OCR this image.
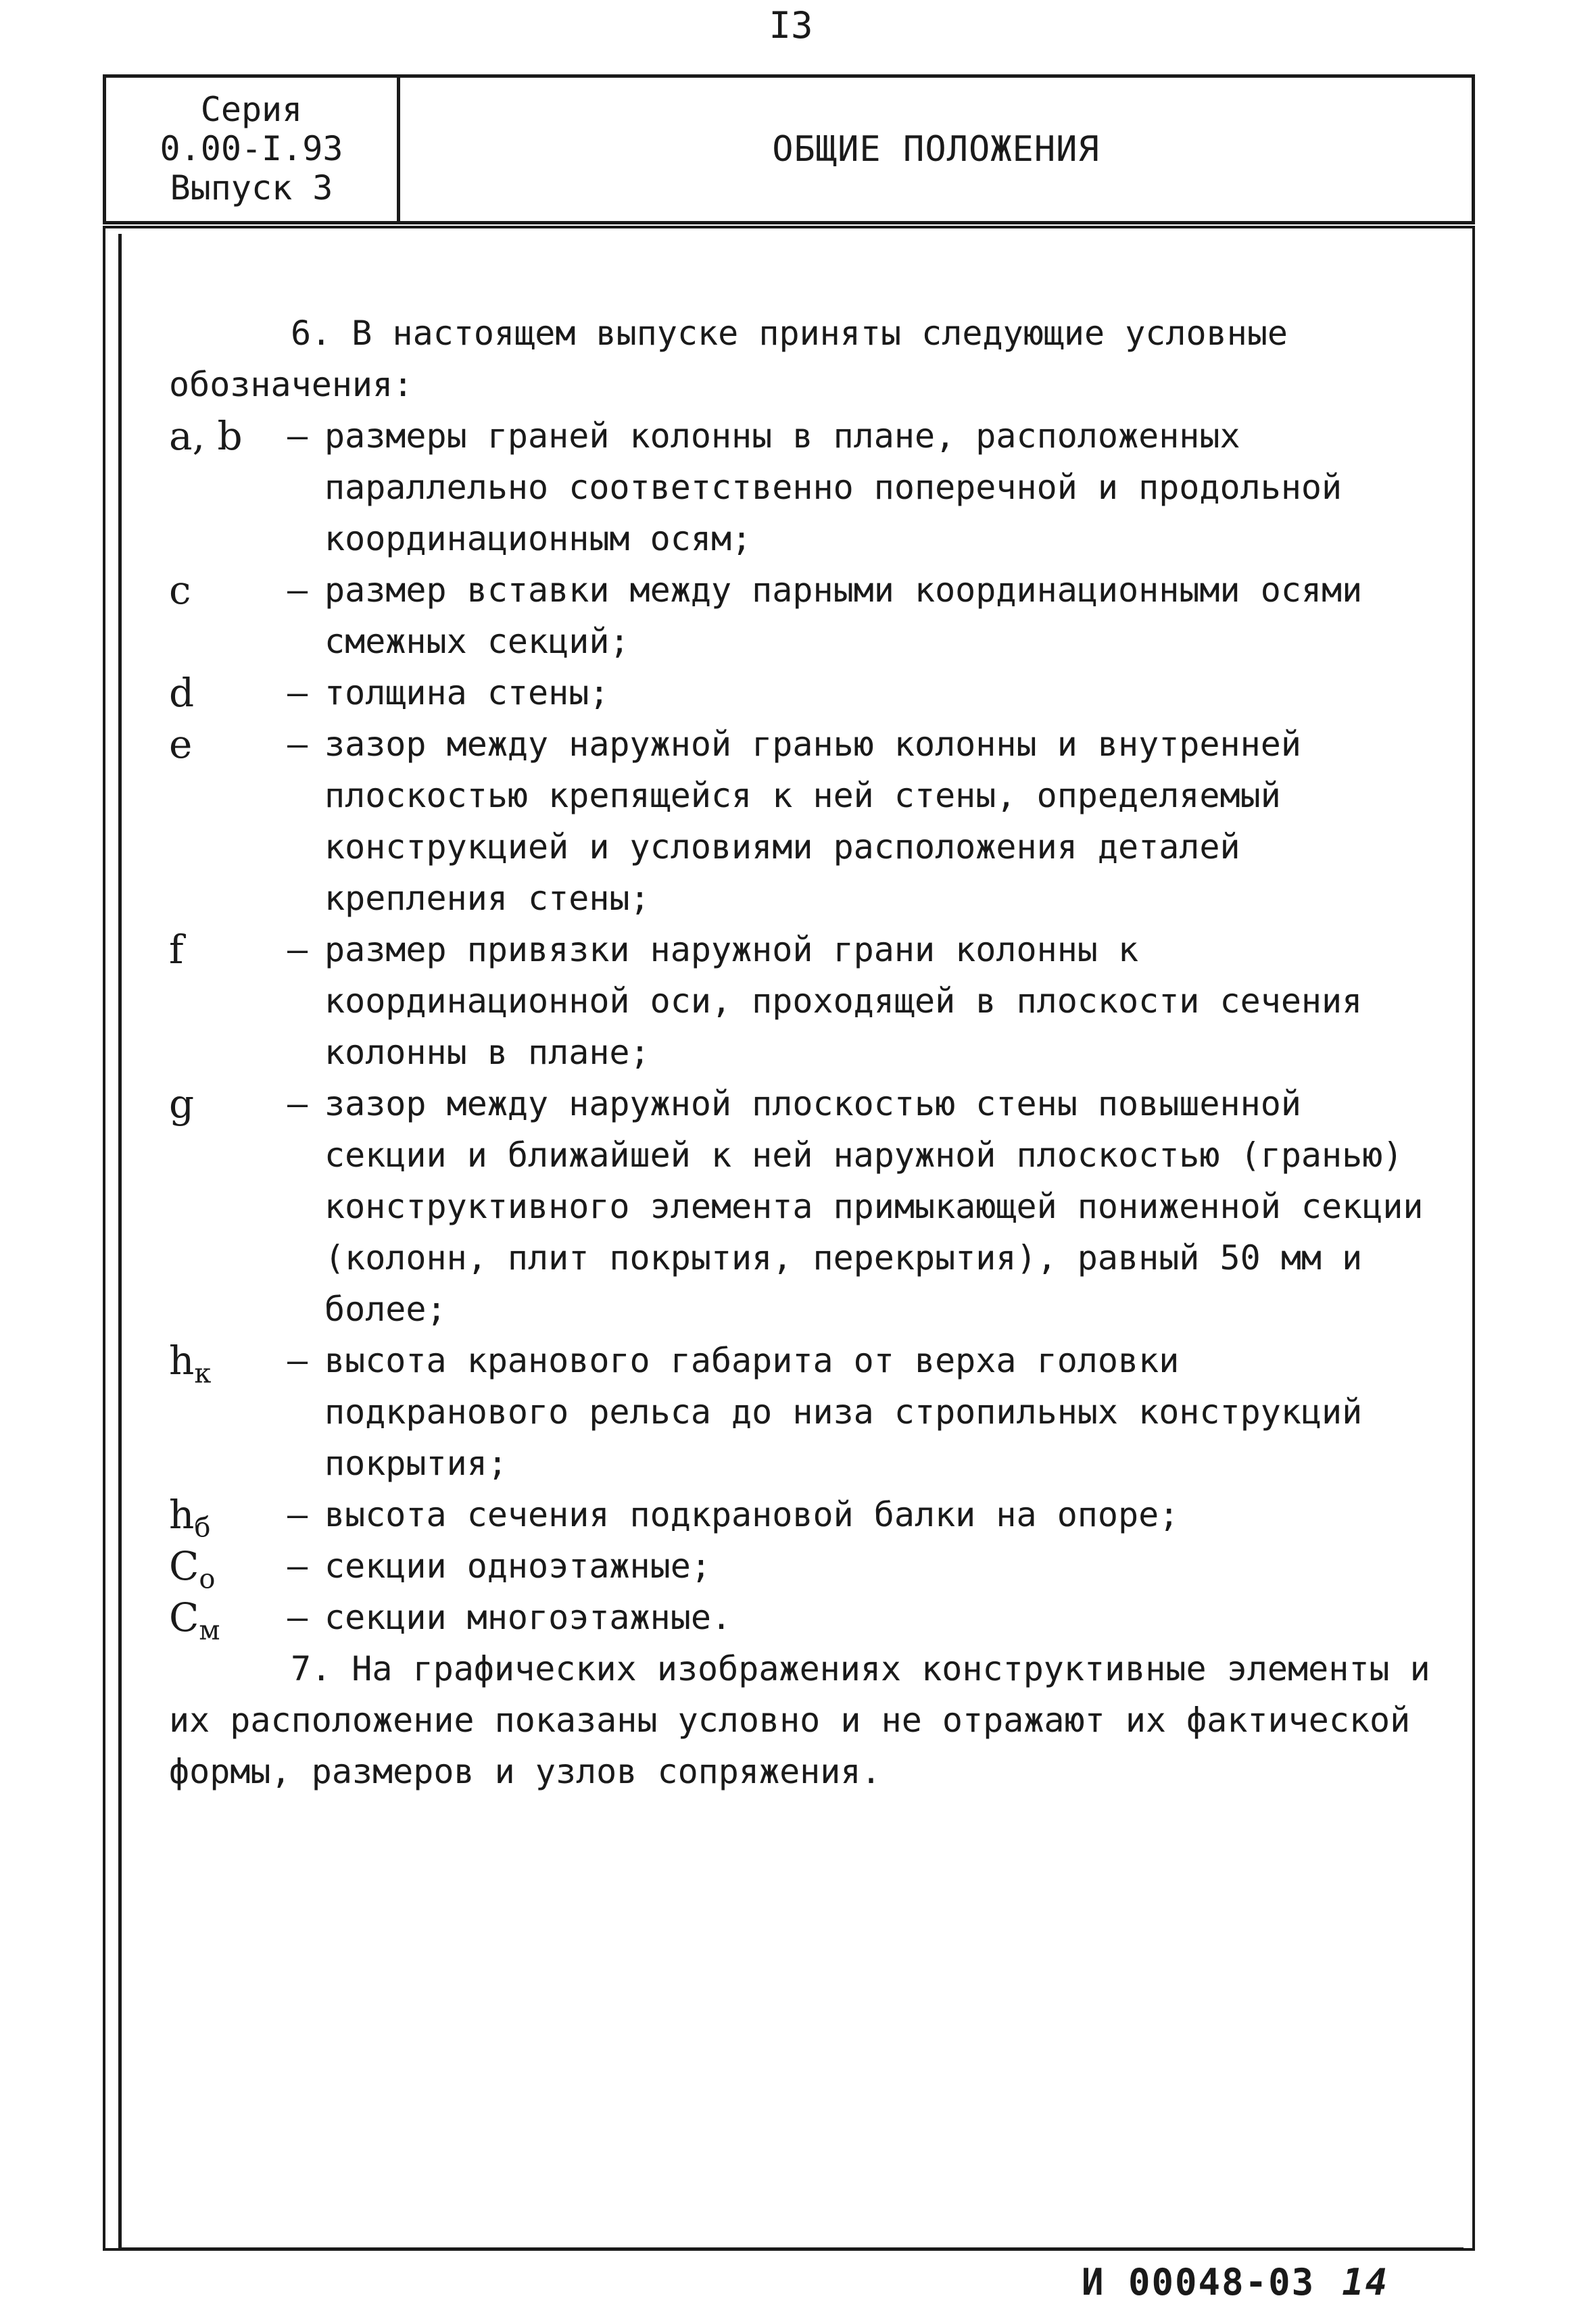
I3
Серия
0.00-I.93
Выпуск 3
ОБЩИЕ ПОЛОЖЕНИЯ

6. В настоящем выпуске приняты следующие условные обозначения:

a, b – размеры граней колонны в плане, расположенных параллельно соответственно поперечной и продольной координационным осям;
c	– размер вставки между парными координационными осями смежных секций;
d	– толщина стены;
e	– зазор между наружной гранью колонны и внутренней плоскостью крепящейся к ней стены, определяемый конструкцией и условиями расположения деталей крепления стены;
f	– размер привязки наружной грани колонны к координационной оси, проходящей в плоскости сечения колонны в плане;
g	– зазор между наружной плоскостью стены повышенной секции и ближайшей к ней наружной плоскостью (гранью) конструктивного элемента примыкающей пониженной секции (колонн, плит покрытия, перекрытия), равный 50 мм и более;
$h_к$ – высота кранового габарита от верха головки подкранового рельса до низа стропильных конструкций покрытия;
$h_б$ – высота сечения подкрановой балки на опоре;
$C_о$ – секции одноэтажные;
$C_м$ – секции многоэтажные.

7. На графических изображениях конструктивные элементы и их расположение показаны условно и не отражают их фактической формы, размеров и узлов сопряжения.

И 00048-03 14
